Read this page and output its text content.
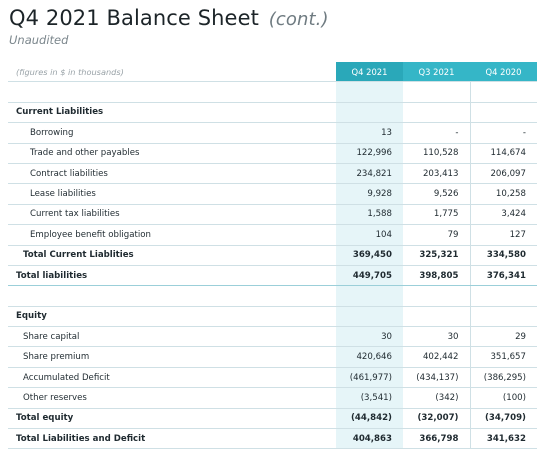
Q4 2021 Balance Sheet (cont.)
Unaudited
(figures in $ in thousands)	Q4 2021	Q3 2021	Q4 2020

Current Liabilities			
Borrowing	13	-	-
Trade and other payables	122,996	110,528	114,674
Contract liabilities	234,821	203,413	206,097
Lease liabilities	9,928	9,526	10,258
Current tax liabilities	1,588	1,775	3,424
Employee benefit obligation	104	79	127
Total Current Liablities	369,450	325,321	334,580
Total liabilities	449,705	398,805	376,341

Equity			
Share capital	30	30	29
Share premium	420,646	402,442	351,657
Accumulated Deficit	(461,977)	(434,137)	(386,295)
Other reserves	(3,541)	(342)	(100)
Total equity	(44,842)	(32,007)	(34,709)
Total Liabilities and Deficit	404,863	366,798	341,632
